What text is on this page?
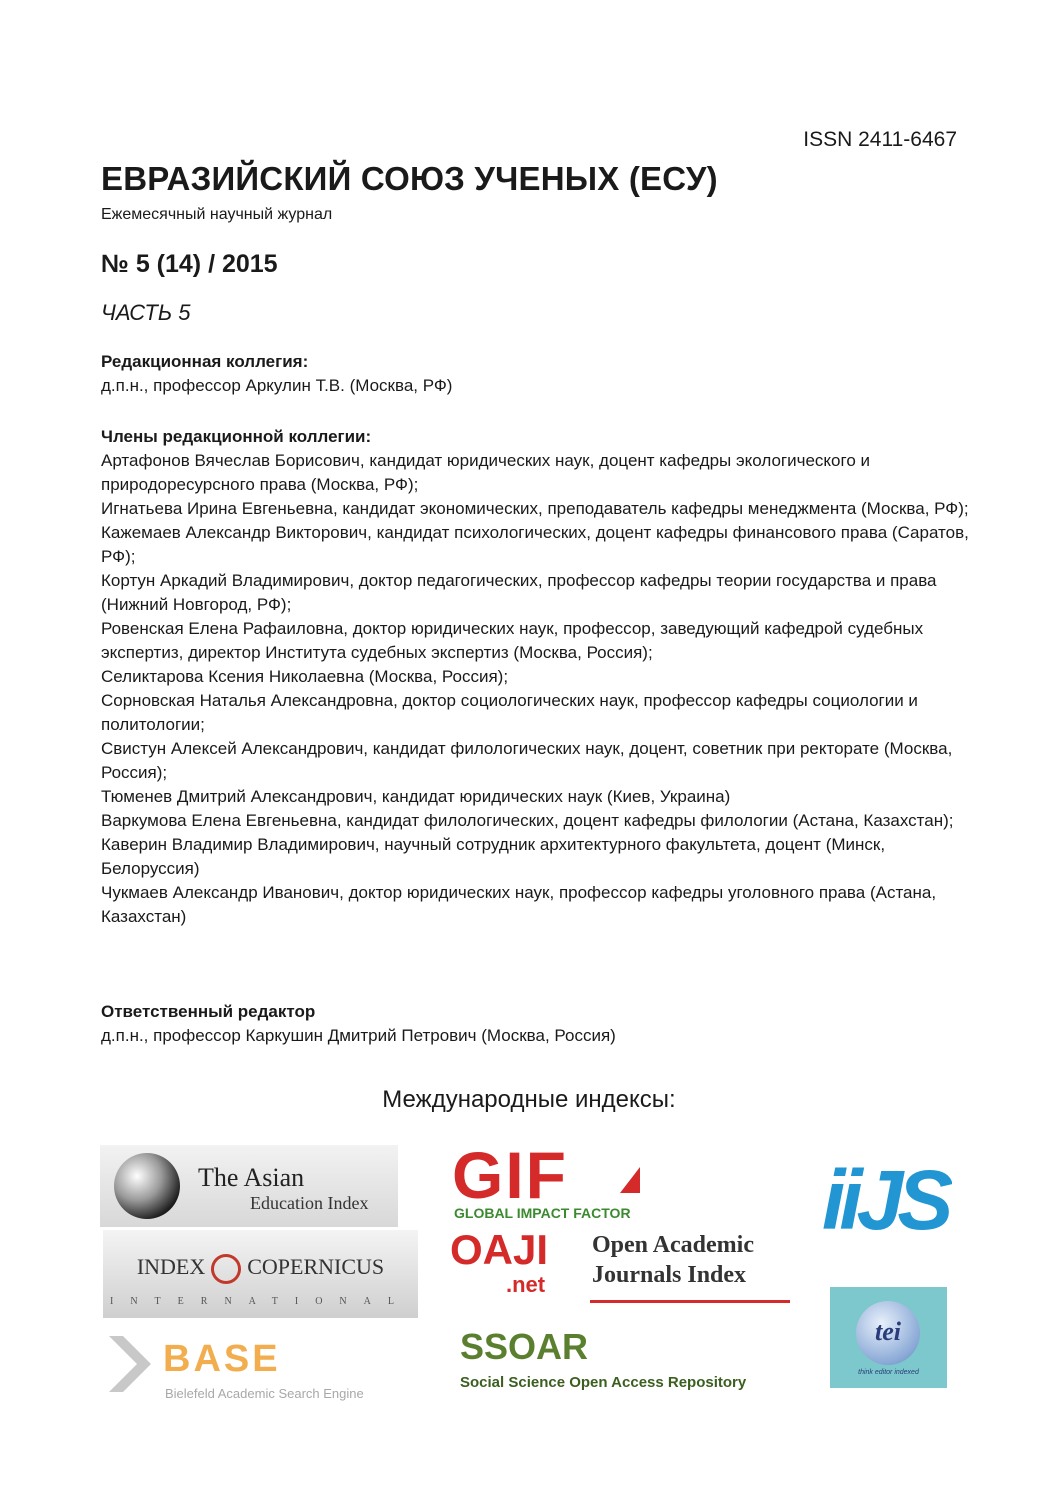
ISSN 2411-6467
ЕВРАЗИЙСКИЙ СОЮЗ УЧЕНЫХ (ЕСУ)
Ежемесячный научный журнал
№ 5 (14) / 2015
ЧАСТЬ 5
Редакционная коллегия:
д.п.н., профессор Аркулин Т.В. (Москва, РФ)
Члены редакционной коллегии:

Артафонов Вячеслав Борисович, кандидат юридических наук, доцент кафедры экологического и природоресурсного права (Москва, РФ);

Игнатьева Ирина Евгеньевна, кандидат экономических, преподаватель кафедры менеджмента (Москва, РФ);

Кажемаев Александр Викторович, кандидат психологических, доцент кафедры финансового права (Саратов, РФ);

Кортун Аркадий Владимирович, доктор педагогических, профессор кафедры теории государства и права (Нижний Новгород, РФ);

Ровенская Елена Рафаиловна, доктор юридических наук, профессор, заведующий кафедрой судебных экспертиз, директор Института судебных экспертиз (Москва, Россия);

Селиктарова Ксения Николаевна (Москва, Россия);

Сорновская Наталья Александровна, доктор социологических наук, профессор кафедры социологии и политологии;

Свистун Алексей Александрович, кандидат филологических наук, доцент, советник при ректорате (Москва, Россия);

Тюменев Дмитрий Александрович, кандидат юридических наук (Киев, Украина)

Варкумова Елена Евгеньевна, кандидат филологических, доцент кафедры филологии (Астана, Казахстан);

Каверин Владимир Владимирович, научный сотрудник архитектурного факультета, доцент (Минск, Белоруссия)

Чукмаев Александр Иванович, доктор юридических наук, профессор кафедры уголовного права (Астана, Казахстан)

Ответственный редактор
д.п.н., профессор Каркушин Дмитрий Петрович (Москва, Россия)
Международные индексы:
The Asian
Education Index
INDEX COPERNICUS
INTERNATIONAL
BASE
Bielefeld Academic Search Engine
GIF
GLOBAL IMPACT FACTOR
OAJI
.net
Open Academic
Journals Index
SSOAR
Social Science Open Access Repository
iiJS
tei
think editor indexed
